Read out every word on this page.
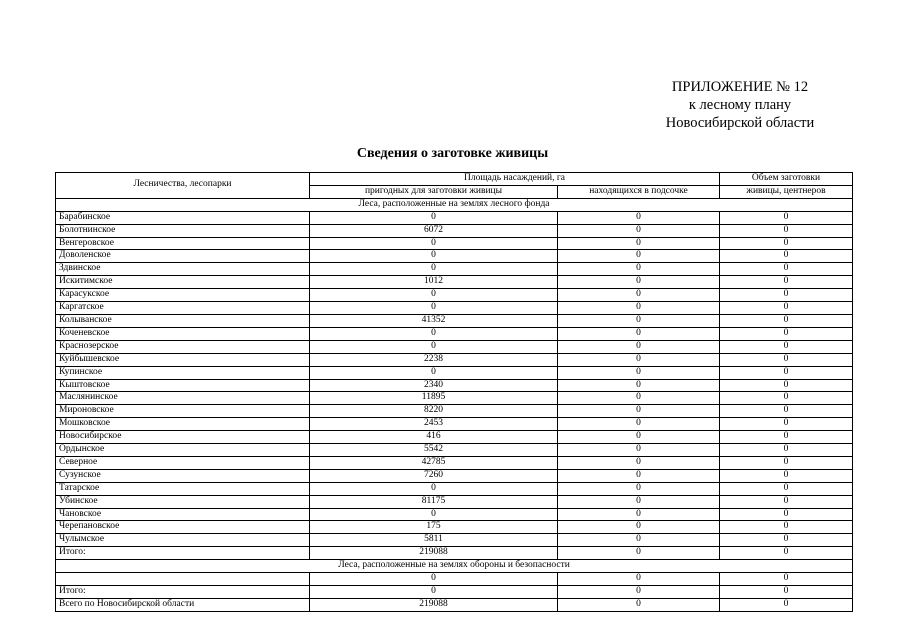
ПРИЛОЖЕНИЕ № 12
к лесному плану
Новосибирской области
Сведения о заготовке живицы
Лесничества, лесопарки	Площадь насаждений, га		Объем заготовки
	пригодных для заготовки живицы	находящихся в подсочке	живицы, центнеров
Леса, расположенные на землях лесного фонда			
Барабинское	0	0	0
Болотнинское	6072	0	0
Венгеровское	0	0	0
Доволенское	0	0	0
Здвинское	0	0	0
Искитимское	1012	0	0
Карасукское	0	0	0
Каргатское	0	0	0
Колыванское	41352	0	0
Коченевское	0	0	0
Краснозерское	0	0	0
Куйбышевское	2238	0	0
Купинское	0	0	0
Кыштовское	2340	0	0
Маслянинское	11895	0	0
Мироновское	8220	0	0
Мошковское	2453	0	0
Новосибирское	416	0	0
Ордынское	5542	0	0
Северное	42785	0	0
Сузунское	7260	0	0
Татарское	0	0	0
Убинское	81175	0	0
Чановское	0	0	0
Черепановское	175	0	0
Чулымское	5811	0	0
Итого:	219088	0	0
Леса, расположенные на землях обороны и безопасности			
	0	0	0
Итого:	0	0	0
Всего по Новосибирской области	219088	0	0
